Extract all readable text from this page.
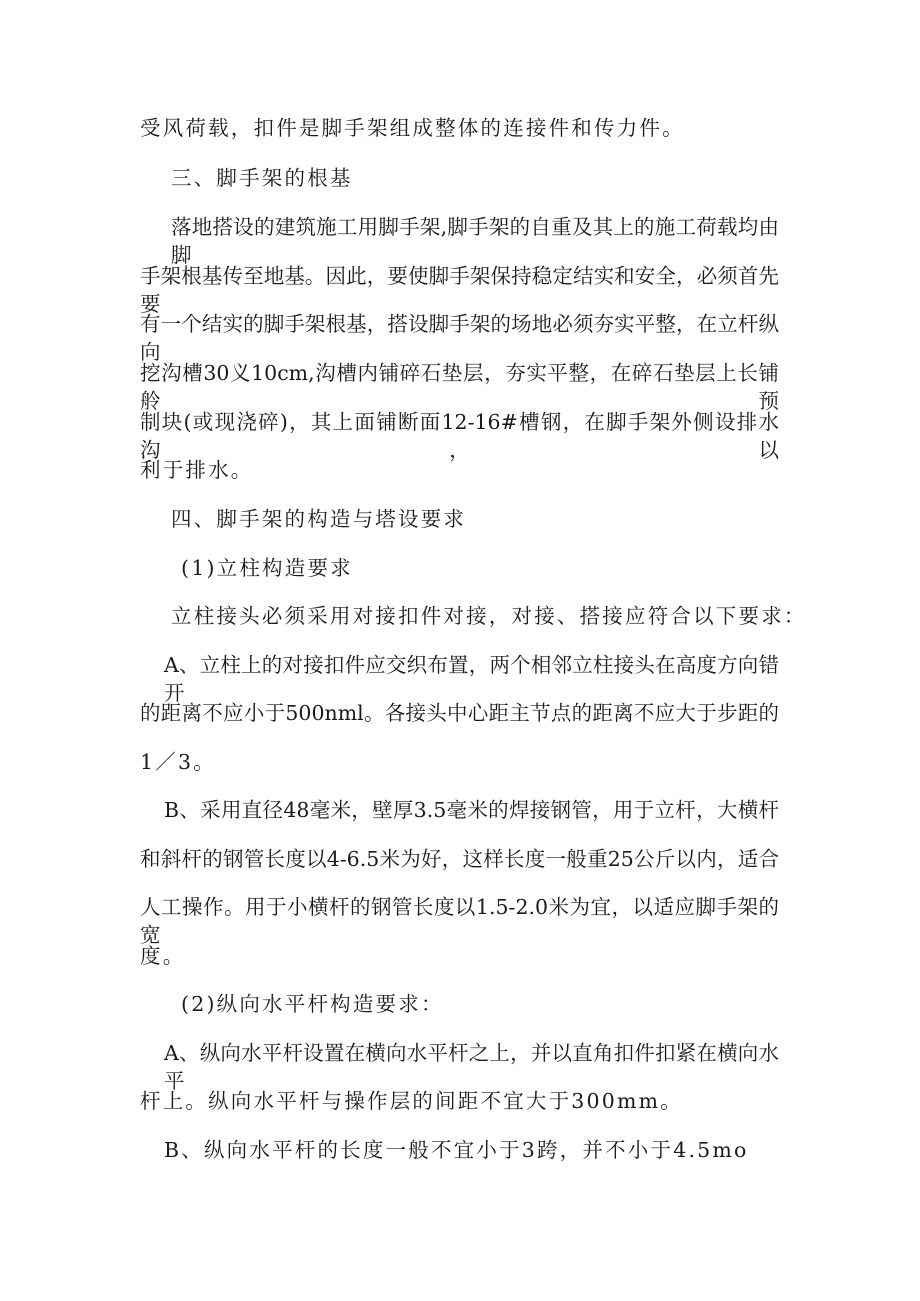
受风荷载，扣件是脚手架组成整体的连接件和传力件。

三、脚手架的根基

落地搭设的建筑施工用脚手架,脚手架的自重及其上的施工荷载均由脚

手架根基传至地基。因此，要使脚手架保持稳定结实和安全，必须首先要

有一个结实的脚手架根基，搭设脚手架的场地必须夯实平整，在立杆纵向

挖沟槽30义10cm,沟槽内铺碎石垫层，夯实平整，在碎石垫层上长铺舲预

制块(或现浇碎)，其上面铺断面12-16#槽钢，在脚手架外侧设排水沟，以

利于排水。

四、脚手架的构造与塔设要求

(1)立柱构造要求

立柱接头必须采用对接扣件对接，对接、搭接应符合以下要求：

A、立柱上的对接扣件应交织布置，两个相邻立柱接头在高度方向错开

的距离不应小于500nml。各接头中心距主节点的距离不应大于步距的

1／3。

B、采用直径48毫米，壁厚3.5毫米的焊接钢管，用于立杆，大横杆

和斜杆的钢管长度以4-6.5米为好，这样长度一般重25公斤以内，适合

人工操作。用于小横杆的钢管长度以1.5-2.0米为宜，以适应脚手架的宽

度。

(2)纵向水平杆构造要求：

A、纵向水平杆设置在横向水平杆之上，并以直角扣件扣紧在横向水平

杆上。纵向水平杆与操作层的间距不宜大于300mm。

B、纵向水平杆的长度一般不宜小于3跨，并不小于4.5mo
